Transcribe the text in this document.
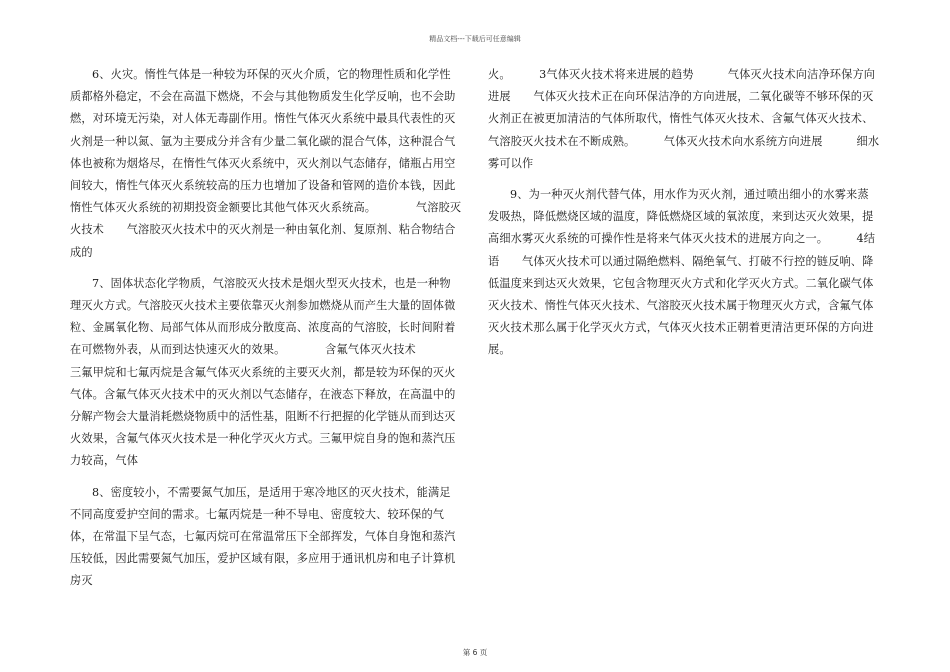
精品文档---下载后可任意编辑

6、火灾。惰性气体是一种较为环保的灭火介质，它的物理性质和化学性质都格外稳定，不会在高温下燃烧，不会与其他物质发生化学反响，也不会助燃，对环境无污染，对人体无毒副作用。惰性气体灭火系统中最具代表性的灭火剂是一种以氮、氩为主要成分并含有少量二氧化碳的混合气体，这种混合气体也被称为烟烙尽，在惰性气体灭火系统中，灭火剂以气态储存，储瓶占用空间较大，惰性气体灭火系统较高的压力也增加了设备和管网的造价本钱，因此惰性气体灭火系统的初期投资金额要比其他气体灭火系统高。　　　　气溶胶灭火技术　　气溶胶灭火技术中的灭火剂是一种由氧化剂、复原剂、粘合物结合成的

7、固体状态化学物质，气溶胶灭火技术是烟火型灭火技术，也是一种物理灭火方式。气溶胶灭火技术主要依靠灭火剂参加燃烧从而产生大量的固体微粒、金属氧化物、局部气体从而形成分散度高、浓度高的气溶胶，长时间附着在可燃物外表，从而到达快速灭火的效果。　　　　含氟气体灭火技术　　　　三氟甲烷和七氟丙烷是含氟气体灭火系统的主要灭火剂，都是较为环保的灭火气体。含氟气体灭火技术中的灭火剂以气态储存，在液态下释放，在高温中的分解产物会大量消耗燃烧物质中的活性基，阻断不行把握的化学链从而到达灭火效果，含氟气体灭火技术是一种化学灭火方式。三氟甲烷自身的饱和蒸汽压力较高，气体

8、密度较小，不需要氮气加压，是适用于寒冷地区的灭火技术，能满足不同高度爱护空间的需求。七氟丙烷是一种不导电、密度较大、较环保的气体，在常温下呈气态，七氟丙烷可在常温常压下全部挥发，气体自身饱和蒸汽压较低，因此需要氮气加压，爱护区域有限，多应用于通讯机房和电子计算机房灭

火。　　　3气体灭火技术将来进展的趋势　　　气体灭火技术向洁净环保方向进展　　气体灭火技术正在向环保洁净的方向进展，二氧化碳等不够环保的灭火剂正在被更加清洁的气体所取代，惰性气体灭火技术、含氟气体灭火技术、气溶胶灭火技术在不断成熟。　　　气体灭火技术向水系统方向进展　　　细水雾可以作

9、为一种灭火剂代替气体，用水作为灭火剂，通过喷出细小的水雾来蒸发吸热，降低燃烧区域的温度，降低燃烧区域的氧浓度，来到达灭火效果，提高细水雾灭火系统的可操作性是将来气体灭火技术的进展方向之一。　　　4结语　　气体灭火技术可以通过隔绝燃料、隔绝氧气、打破不行控的链反响、降低温度来到达灭火效果，它包含物理灭火方式和化学灭火方式。二氧化碳气体灭火技术、惰性气体灭火技术、气溶胶灭火技术属于物理灭火方式，含氟气体灭火技术那么属于化学灭火方式，气体灭火技术正朝着更清洁更环保的方向进展。

第 6 页
